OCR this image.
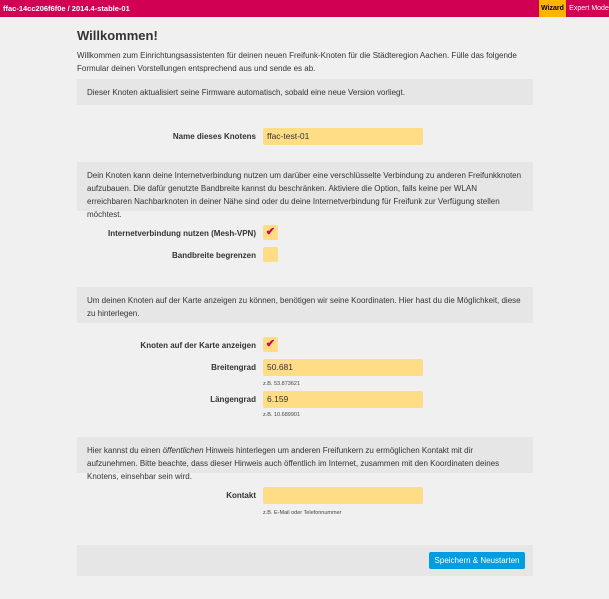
ffac-14cc206f6f0e / 2014.4-stable-01	Wizard Expert Mode
Willkommen!
Willkommen zum Einrichtungsassistenten für deinen neuen Freifunk-Knoten für die Städteregion Aachen. Fülle das folgende Formular deinen Vorstellungen entsprechend aus und sende es ab.
Dieser Knoten aktualisiert seine Firmware automatisch, sobald eine neue Version vorliegt.
Name dieses Knotens	ffac-test-01
Dein Knoten kann deine Internetverbindung nutzen um darüber eine verschlüsselte Verbindung zu anderen Freifunkknoten aufzubauen. Die dafür genutzte Bandbreite kannst du beschränken. Aktiviere die Option, falls keine per WLAN erreichbaren Nachbarknoten in deiner Nähe sind oder du deine Internetverbindung für Freifunk zur Verfügung stellen möchtest.
Internetverbindung nutzen (Mesh-VPN) ✔
Bandbreite begrenzen
Um deinen Knoten auf der Karte anzeigen zu können, benötigen wir seine Koordinaten. Hier hast du die Möglichkeit, diese zu hinterlegen.
Knoten auf der Karte anzeigen ✔
Breitengrad	50.681
z.B. 53.873621
Längengrad	6.159
z.B. 10.689901
Hier kannst du einen öffentlichen Hinweis hinterlegen um anderen Freifunkern zu ermöglichen Kontakt mit dir aufzunehmen. Bitte beachte, dass dieser Hinweis auch öffentlich im Internet, zusammen mit den Koordinaten deines Knotens, einsehbar sein wird.
Kontakt
z.B. E-Mail oder Telefonnummer
Speichern & Neustarten
